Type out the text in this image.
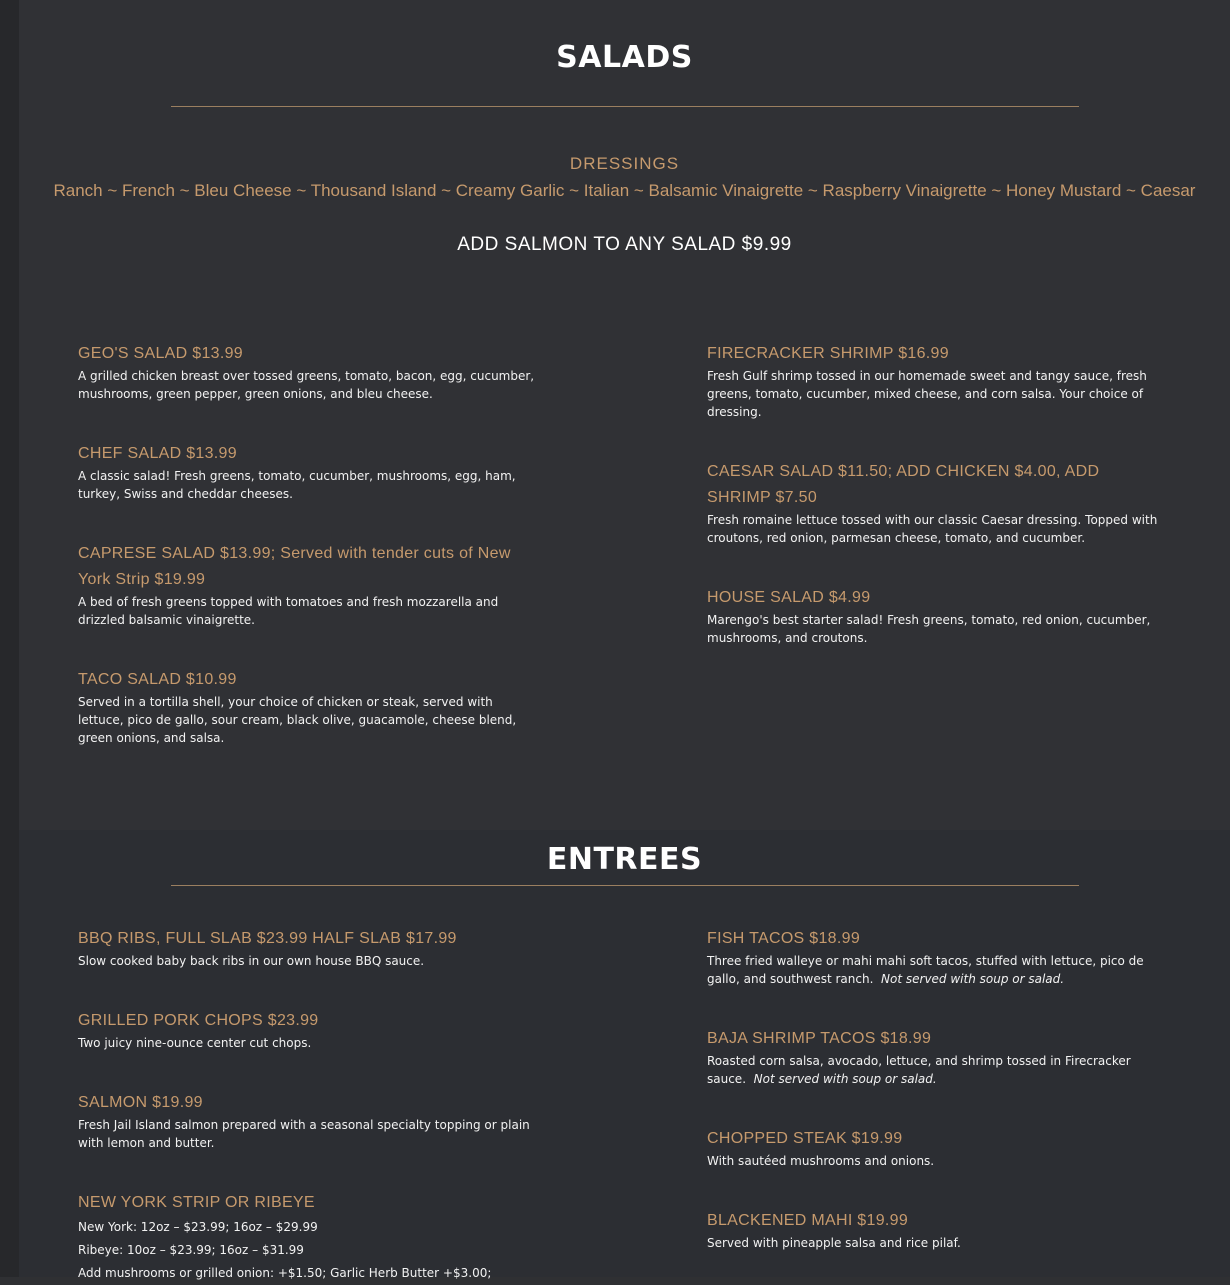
SALADS
DRESSINGS
Ranch ~ French ~ Bleu Cheese ~ Thousand Island ~ Creamy Garlic ~ Italian ~ Balsamic Vinaigrette ~ Raspberry Vinaigrette ~ Honey Mustard ~ Caesar
ADD SALMON TO ANY SALAD $9.99
GEO'S SALAD $13.99
A grilled chicken breast over tossed greens, tomato, bacon, egg, cucumber, mushrooms, green pepper, green onions, and bleu cheese.
CHEF SALAD $13.99
A classic salad! Fresh greens, tomato, cucumber, mushrooms, egg, ham, turkey, Swiss and cheddar cheeses.
CAPRESE SALAD $13.99; Served with tender cuts of New York Strip $19.99
A bed of fresh greens topped with tomatoes and fresh mozzarella and drizzled balsamic vinaigrette.
TACO SALAD $10.99
Served in a tortilla shell, your choice of chicken or steak, served with lettuce, pico de gallo, sour cream, black olive, guacamole, cheese blend, green onions, and salsa.
FIRECRACKER SHRIMP $16.99
Fresh Gulf shrimp tossed in our homemade sweet and tangy sauce, fresh greens, tomato, cucumber, mixed cheese, and corn salsa. Your choice of dressing.
CAESAR SALAD $11.50; ADD CHICKEN $4.00, ADD SHRIMP $7.50
Fresh romaine lettuce tossed with our classic Caesar dressing. Topped with croutons, red onion, parmesan cheese, tomato, and cucumber.
HOUSE SALAD $4.99
Marengo's best starter salad! Fresh greens, tomato, red onion, cucumber, mushrooms, and croutons.
ENTREES
BBQ RIBS, FULL SLAB $23.99 HALF SLAB $17.99
Slow cooked baby back ribs in our own house BBQ sauce.
GRILLED PORK CHOPS $23.99
Two juicy nine-ounce center cut chops.
SALMON $19.99
Fresh Jail Island salmon prepared with a seasonal specialty topping or plain with lemon and butter.
NEW YORK STRIP OR RIBEYE
New York: 12oz – $23.99; 16oz – $29.99
Ribeye: 10oz – $23.99; 16oz – $31.99
Add mushrooms or grilled onion: +$1.50; Garlic Herb Butter +$3.00;
FISH TACOS $18.99
Three fried walleye or mahi mahi soft tacos, stuffed with lettuce, pico de gallo, and southwest ranch. Not served with soup or salad.
BAJA SHRIMP TACOS $18.99
Roasted corn salsa, avocado, lettuce, and shrimp tossed in Firecracker sauce. Not served with soup or salad.
CHOPPED STEAK $19.99
With sautéed mushrooms and onions.
BLACKENED MAHI $19.99
Served with pineapple salsa and rice pilaf.
